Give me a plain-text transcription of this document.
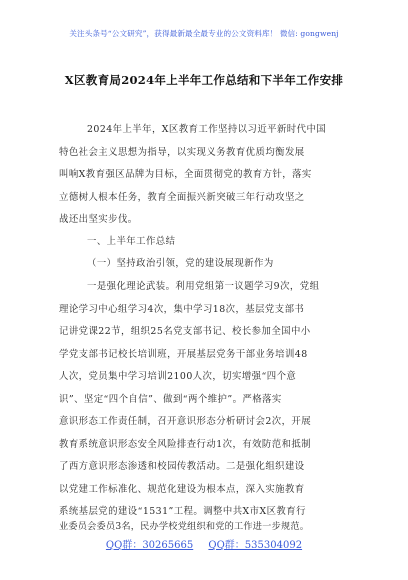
关注头条号“公文研究”，获得最新最全最专业的公文资料库！ 微信: gongwenj
X区教育局2024年上半年工作总结和下半年工作安排
2024年上半年，X区教育工作坚持以习近平新时代中国
特色社会主义思想为指导，以实现义务教育优质均衡发展
叫响X教育强区品牌为目标，全面贯彻党的教育方针，落实
立德树人根本任务，教育全面振兴新突破三年行动攻坚之
战还出坚实步伐。
一、上半年工作总结
（一）坚持政治引领，党的建设展现新作为
一是强化理论武装。利用党组第一议题学习9次，党组
理论学习中心组学习4次，集中学习18次，基层党支部书
记讲党课22节，组织25名党支部书记、校长参加全国中小
学党支部书记校长培训班，开展基层党务干部业务培训48
人次，党员集中学习培训2100人次，切实增强“四个意
识”、坚定“四个自信”、做到“两个维护”。严格落实
意识形态工作责任制，召开意识形态分析研讨会2次，开展
教育系统意识形态安全风险排查行动1次，有效防范和抵制
了西方意识形态渗透和校园传教活动。二是强化组织建设
以党建工作标准化、规范化建设为根本点，深入实施教育
系统基层党的建设“1531”工程。调整中共X市X区教育行
业委员会委员3名，民办学校党组织和党的工作进一步规范。
QQ群：30265665 QQ群：535304092
